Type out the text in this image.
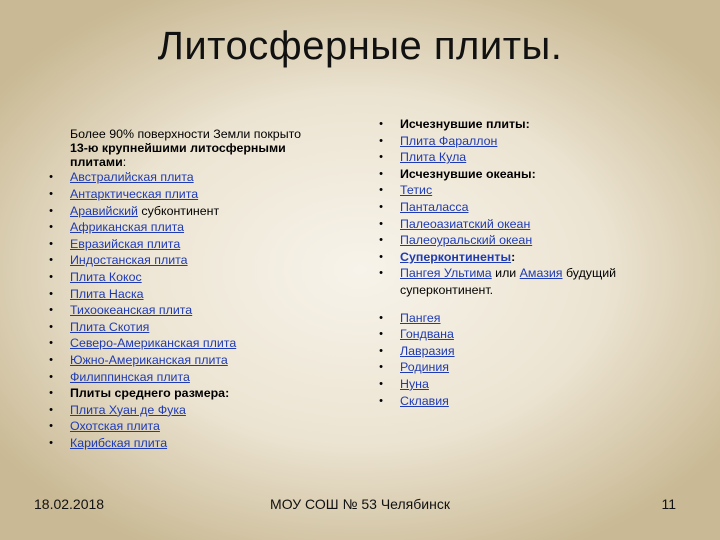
Литосферные плиты.
Более 90% поверхности Земли покрыто
13-ю крупнейшими литосферными плитами:
• Австралийская плита
• Антарктическая плита
• Аравийский субконтинент
• Африканская плита
• Евразийская плита
• Индостанская плита
• Плита Кокос
• Плита Наска
• Тихоокеанская плита
• Плита Скотия
• Северо-Американская плита
• Южно-Американская плита
• Филиппинская плита
• Плиты среднего размера:
• Плита Хуан де Фука
• Охотская плита
• Карибская плита
• Исчезнувшие плиты:
• Плита Фараллон
• Плита Кула
• Исчезнувшие океаны:
• Тетис
• Панталасса
• Палеоазиатский океан
• Палеоуральский океан
• Суперконтиненты:
• Пангея Ультима или Амазия будущий суперконтинент.
• Пангея
• Гондвана
• Лавразия
• Родиния
• Нуна
• Склавия
18.02.2018	МОУ СОШ № 53 Челябинск	11
